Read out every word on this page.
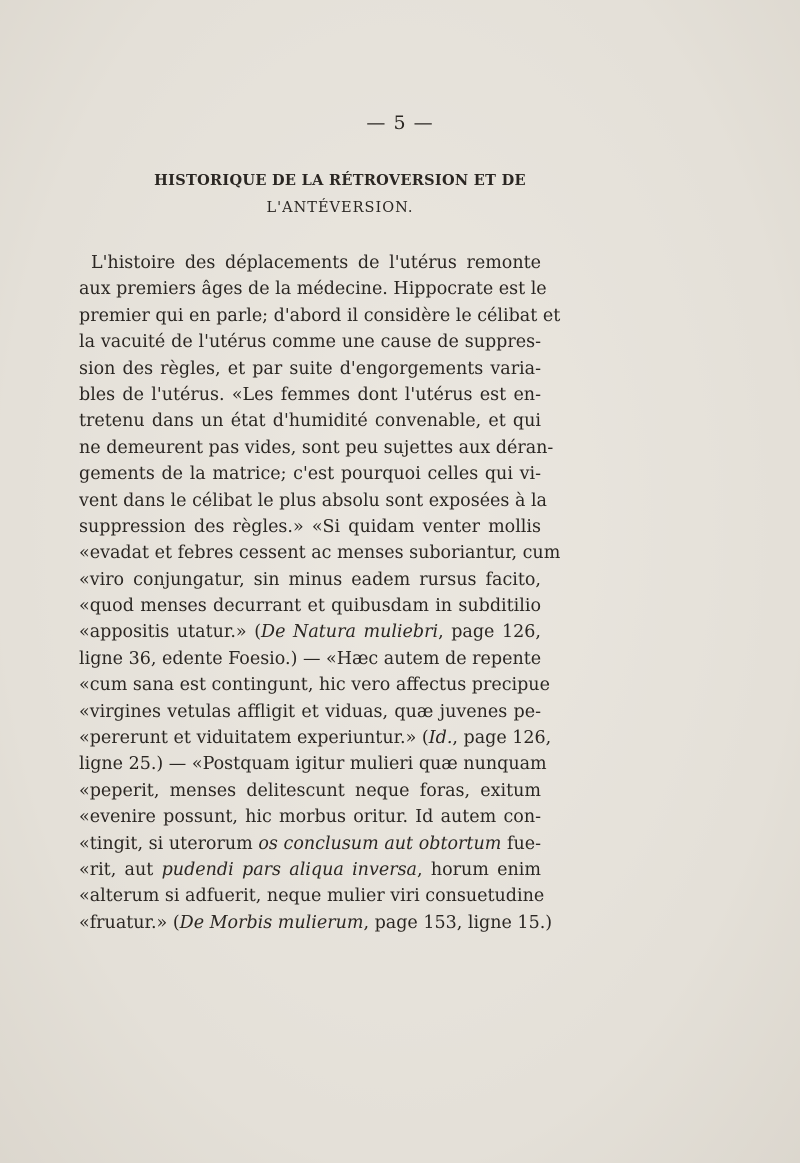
— 5 —
HISTORIQUE DE LA RÉTROVERSION ET DE
L'ANTÉVERSION.
L'histoire des déplacements de l'utérus remonte
aux premiers âges de la médecine. Hippocrate est le
premier qui en parle; d'abord il considère le célibat et
la vacuité de l'utérus comme une cause de suppres-
sion des règles, et par suite d'engorgements varia-
bles de l'utérus. «Les femmes dont l'utérus est en-
tretenu dans un état d'humidité convenable, et qui
ne demeurent pas vides, sont peu sujettes aux déran-
gements de la matrice; c'est pourquoi celles qui vi-
vent dans le célibat le plus absolu sont exposées à la
suppression des règles.» «Si quidam venter mollis
«evadat et febres cessent ac menses suboriantur, cum
«viro conjungatur, sin minus eadem rursus facito,
«quod menses decurrant et quibusdam in subditilio
«appositis utatur.» (De Natura muliebri, page 126,
ligne 36, edente Foesio.) — «Hæc autem de repente
«cum sana est contingunt, hic vero affectus precipue
«virgines vetulas affligit et viduas, quæ juvenes pe-
«pererunt et viduitatem experiuntur.» (Id., page 126,
ligne 25.) — «Postquam igitur mulieri quæ nunquam
«peperit, menses delitescunt neque foras, exitum
«evenire possunt, hic morbus oritur. Id autem con-
«tingit, si uterorum os conclusum aut obtortum fue-
«rit, aut pudendi pars aliqua inversa, horum enim
«alterum si adfuerit, neque mulier viri consuetudine
«fruatur.» (De Morbis mulierum, page 153, ligne 15.)
